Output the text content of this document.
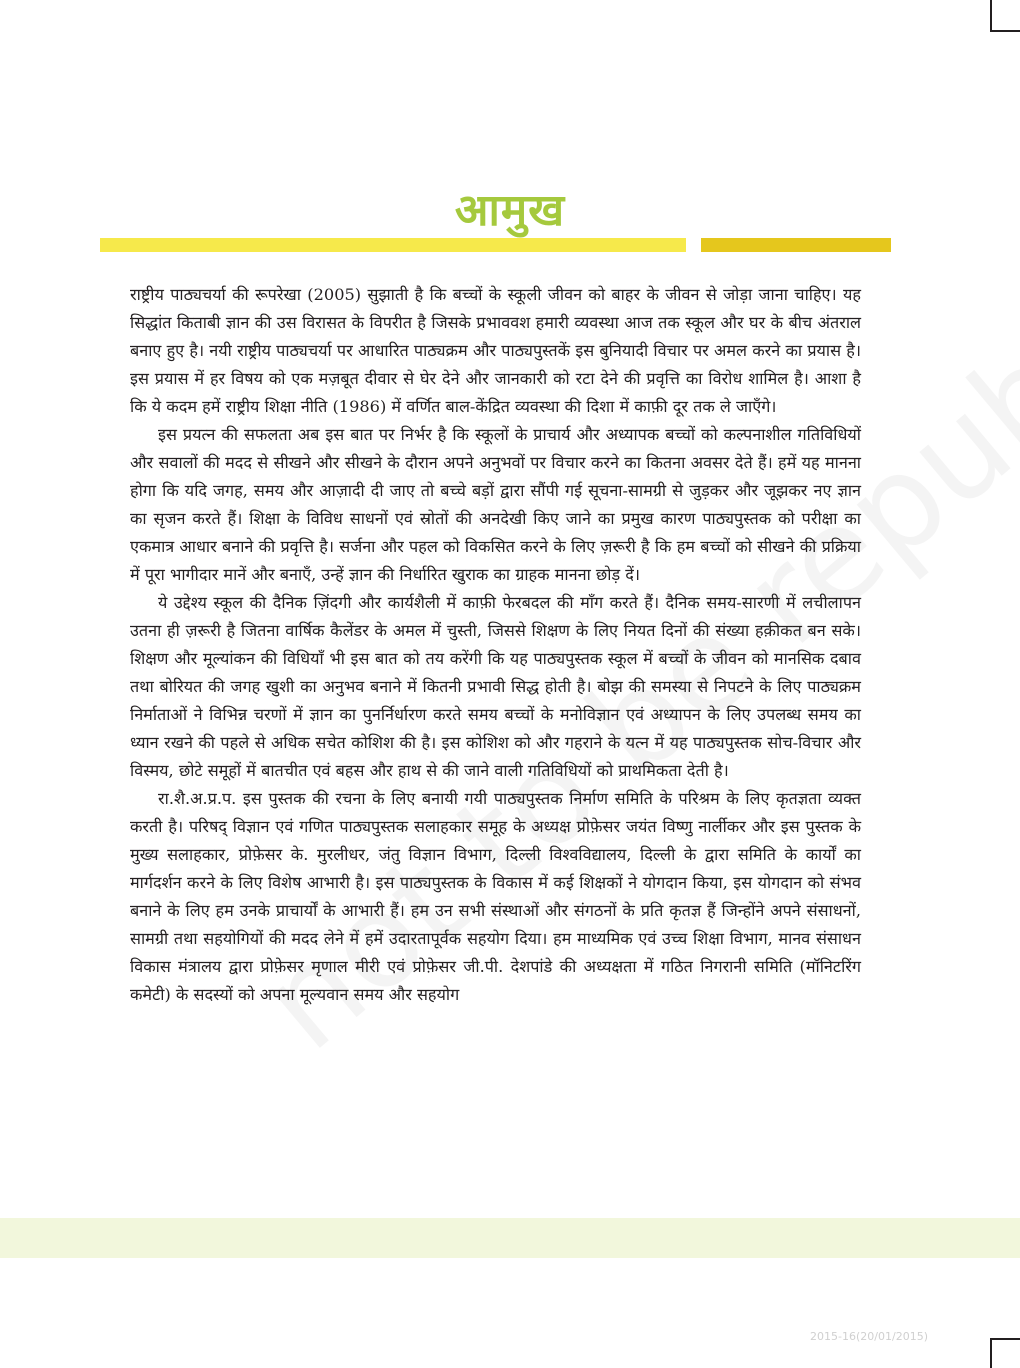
आमुख

राष्ट्रीय पाठ्यचर्या की रूपरेखा (2005) सुझाती है कि बच्चों के स्कूली जीवन को बाहर के जीवन से जोड़ा जाना चाहिए। यह सिद्धांत किताबी ज्ञान की उस विरासत के विपरीत है जिसके प्रभाववश हमारी व्यवस्था आज तक स्कूल और घर के बीच अंतराल बनाए हुए है। नयी राष्ट्रीय पाठ्यचर्या पर आधारित पाठ्यक्रम और पाठ्यपुस्तकें इस बुनियादी विचार पर अमल करने का प्रयास है। इस प्रयास में हर विषय को एक मज़बूत दीवार से घेर देने और जानकारी को रटा देने की प्रवृत्ति का विरोध शामिल है। आशा है कि ये कदम हमें राष्ट्रीय शिक्षा नीति (1986) में वर्णित बाल-केंद्रित व्यवस्था की दिशा में काफ़ी दूर तक ले जाएँगे।

इस प्रयत्न की सफलता अब इस बात पर निर्भर है कि स्कूलों के प्राचार्य और अध्यापक बच्चों को कल्पनाशील गतिविधियों और सवालों की मदद से सीखने और सीखने के दौरान अपने अनुभवों पर विचार करने का कितना अवसर देते हैं। हमें यह मानना होगा कि यदि जगह, समय और आज़ादी दी जाए तो बच्चे बड़ों द्वारा सौंपी गई सूचना-सामग्री से जुड़कर और जूझकर नए ज्ञान का सृजन करते हैं। शिक्षा के विविध साधनों एवं स्रोतों की अनदेखी किए जाने का प्रमुख कारण पाठ्यपुस्तक को परीक्षा का एकमात्र आधार बनाने की प्रवृत्ति है। सर्जना और पहल को विकसित करने के लिए ज़रूरी है कि हम बच्चों को सीखने की प्रक्रिया में पूरा भागीदार मानें और बनाएँ, उन्हें ज्ञान की निर्धारित खुराक का ग्राहक मानना छोड़ दें।

ये उद्देश्य स्कूल की दैनिक ज़िंदगी और कार्यशैली में काफ़ी फेरबदल की माँग करते हैं। दैनिक समय-सारणी में लचीलापन उतना ही ज़रूरी है जितना वार्षिक कैलेंडर के अमल में चुस्ती, जिससे शिक्षण के लिए नियत दिनों की संख्या हक़ीकत बन सके। शिक्षण और मूल्यांकन की विधियाँ भी इस बात को तय करेंगी कि यह पाठ्यपुस्तक स्कूल में बच्चों के जीवन को मानसिक दबाव तथा बोरियत की जगह खुशी का अनुभव बनाने में कितनी प्रभावी सिद्ध होती है। बोझ की समस्या से निपटने के लिए पाठ्यक्रम निर्माताओं ने विभिन्न चरणों में ज्ञान का पुनर्निर्धारण करते समय बच्चों के मनोविज्ञान एवं अध्यापन के लिए उपलब्ध समय का ध्यान रखने की पहले से अधिक सचेत कोशिश की है। इस कोशिश को और गहराने के यत्न में यह पाठ्यपुस्तक सोच-विचार और विस्मय, छोटे समूहों में बातचीत एवं बहस और हाथ से की जाने वाली गतिविधियों को प्राथमिकता देती है।

रा.शै.अ.प्र.प. इस पुस्तक की रचना के लिए बनायी गयी पाठ्यपुस्तक निर्माण समिति के परिश्रम के लिए कृतज्ञता व्यक्त करती है। परिषद् विज्ञान एवं गणित पाठ्यपुस्तक सलाहकार समूह के अध्यक्ष प्रोफ़ेसर जयंत विष्णु नार्लीकर और इस पुस्तक के मुख्य सलाहकार, प्रोफ़ेसर के. मुरलीधर, जंतु विज्ञान विभाग, दिल्ली विश्वविद्यालय, दिल्ली के द्वारा समिति के कार्यों का मार्गदर्शन करने के लिए विशेष आभारी है। इस पाठ्यपुस्तक के विकास में कई शिक्षकों ने योगदान किया, इस योगदान को संभव बनाने के लिए हम उनके प्राचार्यों के आभारी हैं। हम उन सभी संस्थाओं और संगठनों के प्रति कृतज्ञ हैं जिन्होंने अपने संसाधनों, सामग्री तथा सहयोगियों की मदद लेने में हमें उदारतापूर्वक सहयोग दिया। हम माध्यमिक एवं उच्च शिक्षा विभाग, मानव संसाधन विकास मंत्रालय द्वारा प्रोफ़ेसर मृणाल मीरी एवं प्रोफ़ेसर जी.पी. देशपांडे की अध्यक्षता में गठित निगरानी समिति (मॉनिटरिंग कमेटी) के सदस्यों को अपना मूल्यवान समय और सहयोग

2015-16(20/01/2015)
